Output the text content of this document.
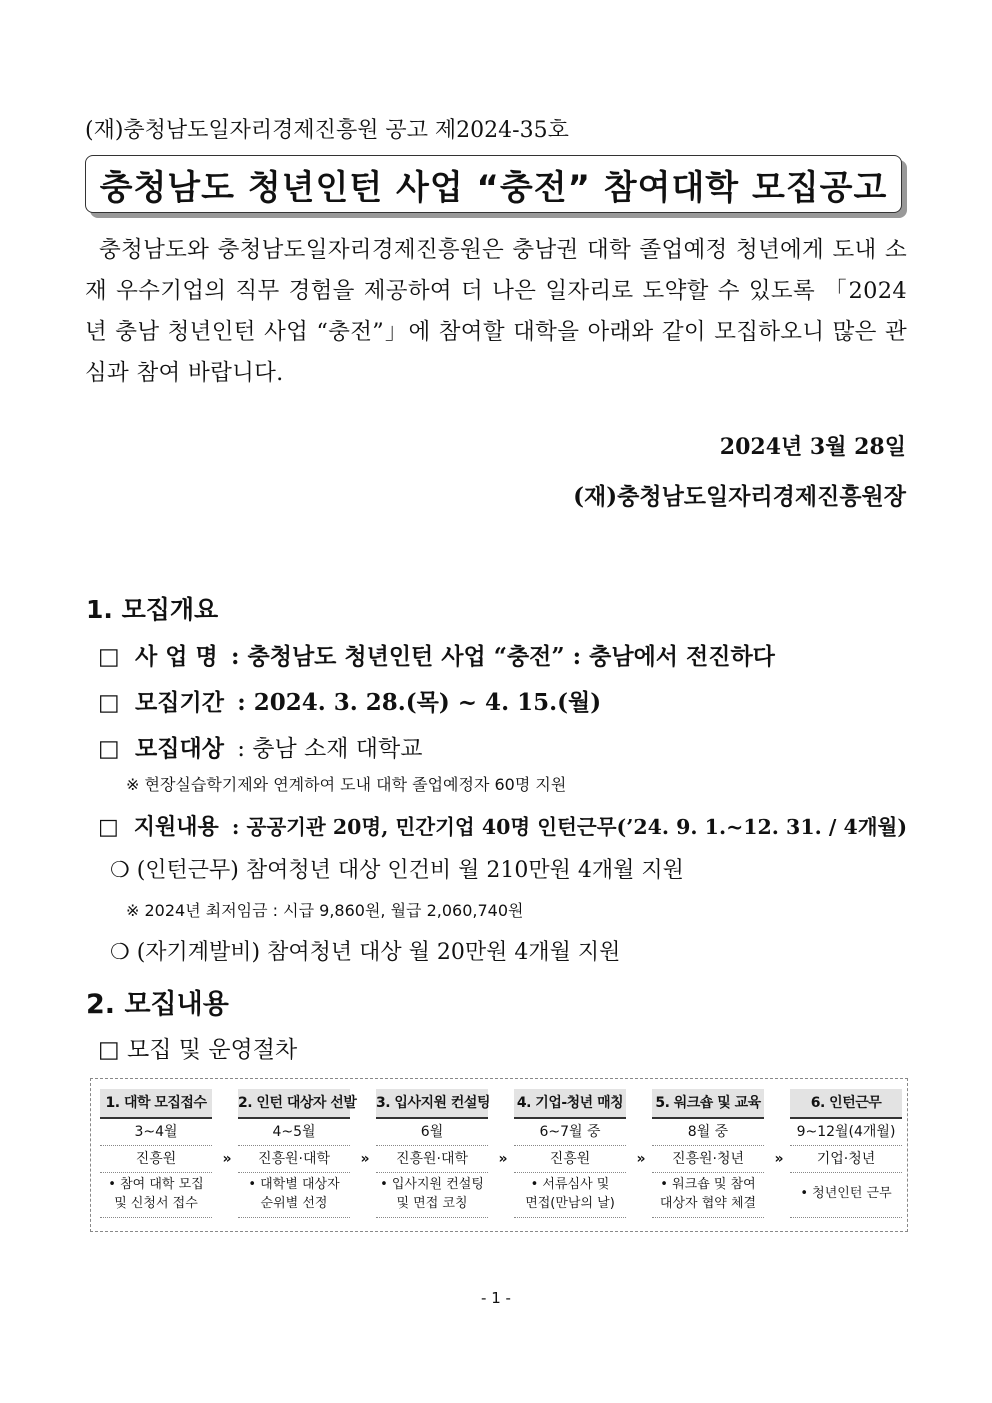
(재)충청남도일자리경제진흥원 공고 제2024-35호
충청남도 청년인턴 사업 “충전” 참여대학 모집공고
충청남도와 충청남도일자리경제진흥원은 충남권 대학 졸업예정 청년에게 도내 소재 우수기업의 직무 경험을 제공하여 더 나은 일자리로 도약할 수 있도록 「2024년 충남 청년인턴 사업 “충전”」에 참여할 대학을 아래와 같이 모집하오니 많은 관심과 참여 바랍니다.
2024년 3월 28일
(재)충청남도일자리경제진흥원장
1. 모집개요
□ 사 업 명 : 충청남도 청년인턴 사업 “충전” : 충남에서 전진하다
□ 모집기간 : 2024. 3. 28.(목) ~ 4. 15.(월)
□ 모집대상 : 충남 소재 대학교
※ 현장실습학기제와 연계하여 도내 대학 졸업예정자 60명 지원
□ 지원내용 : 공공기관 20명, 민간기업 40명 인턴근무(’24. 9. 1.~12. 31. / 4개월)
❍ (인턴근무) 참여청년 대상 인건비 월 210만원 4개월 지원
※ 2024년 최저임금 : 시급 9,860원, 월급 2,060,740원
❍ (자기계발비) 참여청년 대상 월 20만원 4개월 지원
2. 모집내용
□ 모집 및 운영절차
1. 대학 모집접수
3~4월
진흥원
• 참여 대학 모집
및 신청서 접수
»
2. 인턴 대상자 선발
4~5월
진흥원·대학
• 대학별 대상자
순위별 선정
»
3. 입사지원 컨설팅
6월
진흥원·대학
• 입사지원 컨설팅
및 면접 코칭
»
4. 기업-청년 매칭
6~7월 중
진흥원
• 서류심사 및
면접(만남의 날)
»
5. 워크숍 및 교육
8월 중
진흥원·청년
• 워크숍 및 참여
대상자 협약 체결
»
6. 인턴근무
9~12월(4개월)
기업·청년
• 청년인턴 근무
- 1 -
